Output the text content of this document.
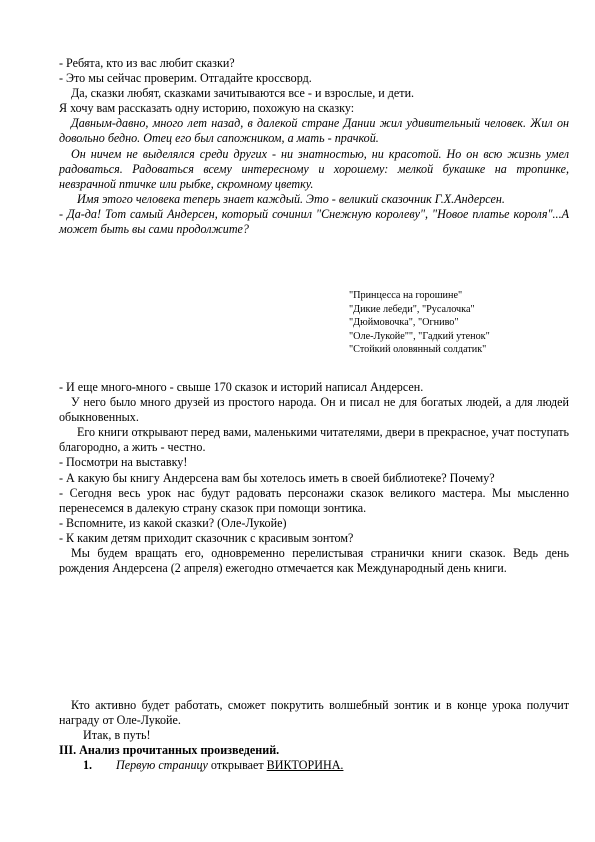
- Ребята, кто из вас любит сказки?

- Это мы сейчас проверим. Отгадайте кроссворд.

Да, сказки любят, сказками зачитываются все - и взрослые, и дети.

Я хочу вам рассказать одну историю, похожую на сказку:

Давным-давно, много лет назад, в далекой стране Дании жил удивительный человек. Жил он довольно бедно. Отец его был сапожником, а мать - прачкой.

Он ничем не выделялся среди других - ни знатностью, ни красотой. Но он всю жизнь умел радоваться. Радоваться всему интересному и хорошему: мелкой букашке на тропинке, невзрачной птичке или рыбке, скромному цветку.

Имя этого человека теперь знает каждый. Это - великий сказочник Г.Х.Андерсен.

- Да-да! Тот самый Андерсен, который сочинил "Снежную королеву", "Новое платье короля"...А может быть вы сами продолжите?

"Принцесса на горошине"
"Дикие лебеди", "Русалочка"
"Дюймовочка", "Огниво"
"Оле-Лукойе"", "Гадкий утенок"
"Стойкий оловянный солдатик"

- И еще много-много - свыше 170 сказок и историй написал Андерсен.

У него было много друзей из простого народа. Он и писал не для богатых людей, а для людей обыкновенных.

Его книги открывают перед вами, маленькими читателями, двери в прекрасное, учат поступать благородно, а жить - честно.

- Посмотри на выставку!

- А какую бы книгу Андерсена вам бы хотелось иметь в своей библиотеке? Почему?

- Сегодня весь урок нас будут радовать персонажи сказок великого мастера. Мы мысленно перенесемся в далекую страну сказок при помощи зонтика.

- Вспомните, из какой сказки? (Оле-Лукойе)

- К каким детям приходит сказочник с красивым зонтом?

Мы будем вращать его, одновременно перелистывая странички книги сказок. Ведь день рождения Андерсена (2 апреля) ежегодно отмечается как Международный день книги.

Кто активно будет работать, сможет покрутить волшебный зонтик и в конце урока получит награду от Оле-Лукойе.

Итак, в путь!

III. Анализ прочитанных произведений.

1. Первую страницу открывает ВИКТОРИНА.
